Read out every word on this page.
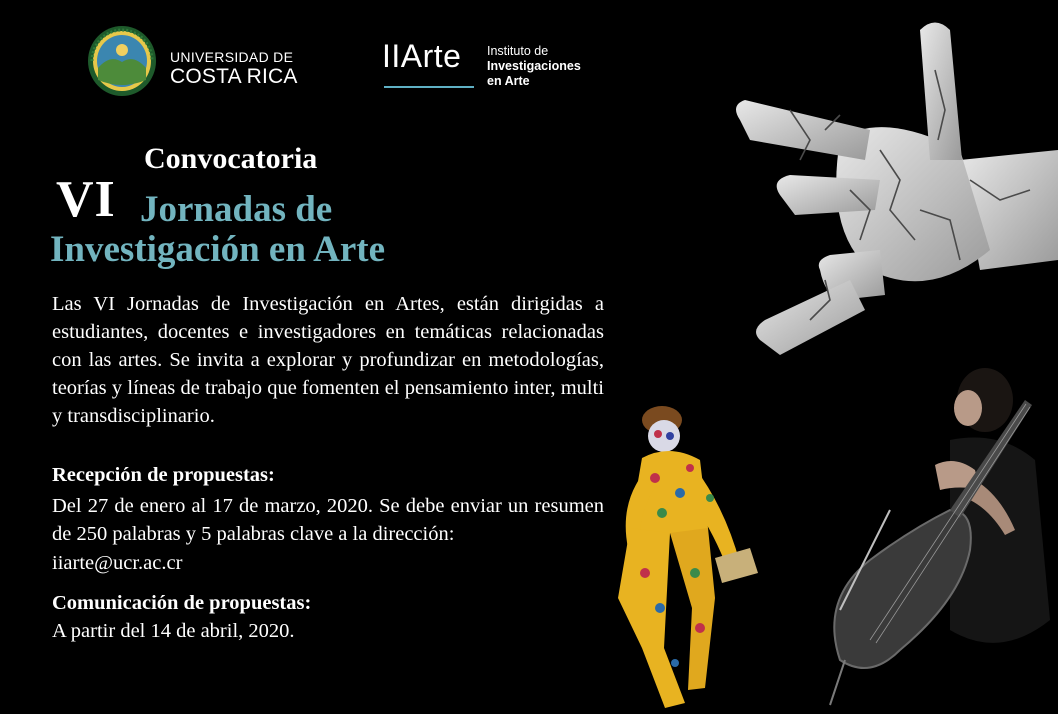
UNIVERSIDAD DE
COSTA RICA
IIArte Instituto de
Investigaciones
en Arte
Convocatoria
VI Jornadas de
Investigación en Arte

Las VI Jornadas de Investigación en Artes, están dirigidas a estudiantes, docentes e investigadores en temáticas relacionadas con las artes. Se invita a explorar y profundizar en metodologías, teorías y líneas de trabajo que fomenten el pensamiento inter, multi y transdisciplinario.

Recepción de propuestas:

Del 27 de enero al 17 de marzo, 2020. Se debe enviar un resumen de 250 palabras y 5 palabras clave a la dirección:

iiarte@ucr.ac.cr
Comunicación de propuestas:
A partir del 14 de abril, 2020.
